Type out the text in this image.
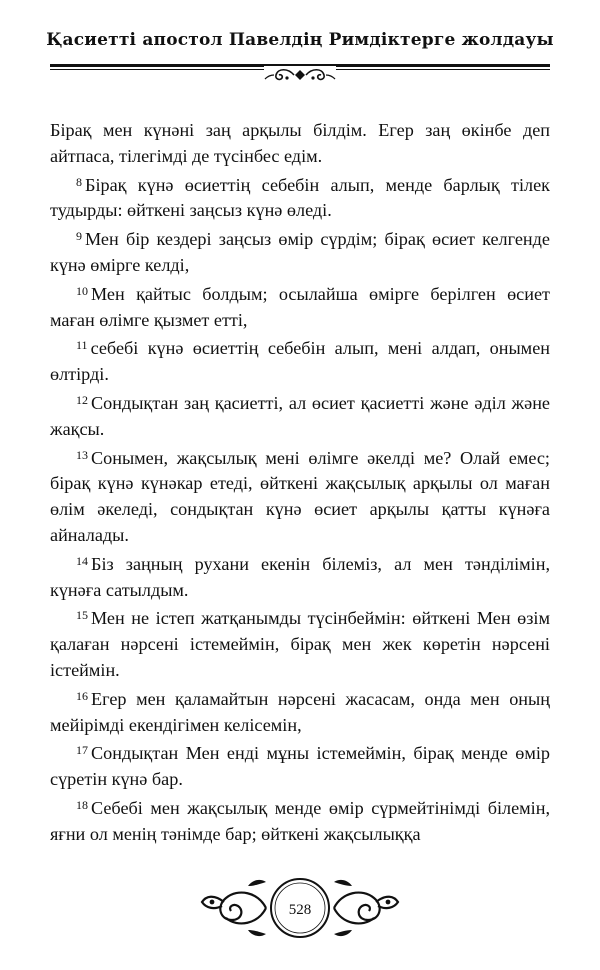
Қасиетті апостол Павелдің Римдіктерге жолдауы

Бірақ мен күнәні заң арқылы білдім. Егер заң өкінбе деп айтпаса, тілегімді де түсінбес едім.

$^8$ Бірақ күнә өсиеттің себебін алып, менде барлық тілек тудырды: өйткені заңсыз күнә өледі.

$^9$ Мен бір кездері заңсыз өмір сүрдім; бірақ өсиет келгенде күнә өмірге келді,

$^{10}$ Мен қайтыс болдым; осылайша өмірге берілген өсиет маған өлімге қызмет етті,

$^{11}$ себебі күнә өсиеттің себебін алып, мені алдап, онымен өлтірді.

$^{12}$ Сондықтан заң қасиетті, ал өсиет қасиетті және әділ және жақсы.

$^{13}$ Сонымен, жақсылық мені өлімге әкелді ме? Олай емес; бірақ күнә күнәкар етеді, өйткені жақсылық арқылы ол маған өлім әкеледі, сондықтан күнә өсиет арқылы қатты күнәға айналады.

$^{14}$ Біз заңның рухани екенін білеміз, ал мен тәнділімін, күнәға сатылдым.

$^{15}$ Мен не істеп жатқанымды түсінбеймін: өйткені Мен өзім қалаған нәрсені істемеймін, бірақ мен жек көретін нәрсені істеймін.

$^{16}$ Егер мен қаламайтын нәрсені жасасам, онда мен оның мейірімді екендігімен келісемін,

$^{17}$ Сондықтан Мен енді мұны істемеймін, бірақ менде өмір сүретін күнә бар.

$^{18}$ Себебі мен жақсылық менде өмір сүрмейтінімді білемін, яғни ол менің тәнімде бар; өйткені жақсылыққа

528
